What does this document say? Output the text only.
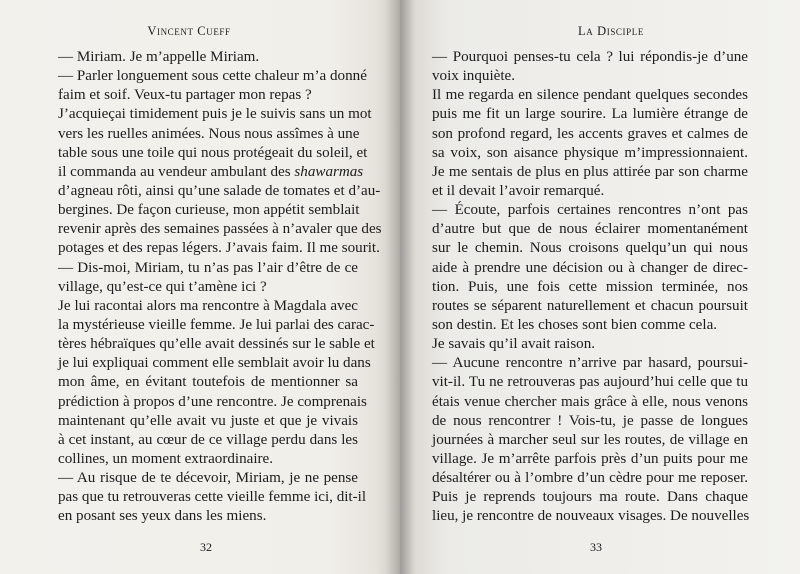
Vincent Cueff
— Miriam. Je m’appelle Miriam.
— Parler longuement sous cette chaleur m’a donné
faim et soif. Veux-tu partager mon repas ?
J’acquieçai timidement puis je le suivis sans un mot
vers les ruelles animées. Nous nous assîmes à une
table sous une toile qui nous protégeait du soleil, et
il commanda au vendeur ambulant des shawarmas
d’agneau rôti, ainsi qu’une salade de tomates et d’au-
bergines. De façon curieuse, mon appétit semblait
revenir après des semaines passées à n’avaler que des
potages et des repas légers. J’avais faim. Il me sourit.
— Dis-moi, Miriam, tu n’as pas l’air d’être de ce
village, qu’est-ce qui t’amène ici ?
Je lui racontai alors ma rencontre à Magdala avec
la mystérieuse vieille femme. Je lui parlai des carac-
tères hébraïques qu’elle avait dessinés sur le sable et
je lui expliquai comment elle semblait avoir lu dans
mon âme, en évitant toutefois de mentionner sa
prédiction à propos d’une rencontre. Je comprenais
maintenant qu’elle avait vu juste et que je vivais
à cet instant, au cœur de ce village perdu dans les
collines, un moment extraordinaire.
— Au risque de te décevoir, Miriam, je ne pense
pas que tu retrouveras cette vieille femme ici, dit-il
en posant ses yeux dans les miens.
32
La Disciple
— Pourquoi penses-tu cela ? lui répondis-je d’une
voix inquiète.
Il me regarda en silence pendant quelques secondes
puis me fit un large sourire. La lumière étrange de
son profond regard, les accents graves et calmes de
sa voix, son aisance physique m’impressionnaient.
Je me sentais de plus en plus attirée par son charme
et il devait l’avoir remarqué.
— Écoute, parfois certaines rencontres n’ont pas
d’autre but que de nous éclairer momentanément
sur le chemin. Nous croisons quelqu’un qui nous
aide à prendre une décision ou à changer de direc-
tion. Puis, une fois cette mission terminée, nos
routes se séparent naturellement et chacun poursuit
son destin. Et les choses sont bien comme cela.
Je savais qu’il avait raison.
— Aucune rencontre n’arrive par hasard, poursui-
vit-il. Tu ne retrouveras pas aujourd’hui celle que tu
étais venue chercher mais grâce à elle, nous venons
de nous rencontrer ! Vois-tu, je passe de longues
journées à marcher seul sur les routes, de village en
village. Je m’arrête parfois près d’un puits pour me
désaltérer ou à l’ombre d’un cèdre pour me reposer.
Puis je reprends toujours ma route. Dans chaque
lieu, je rencontre de nouveaux visages. De nouvelles
33
